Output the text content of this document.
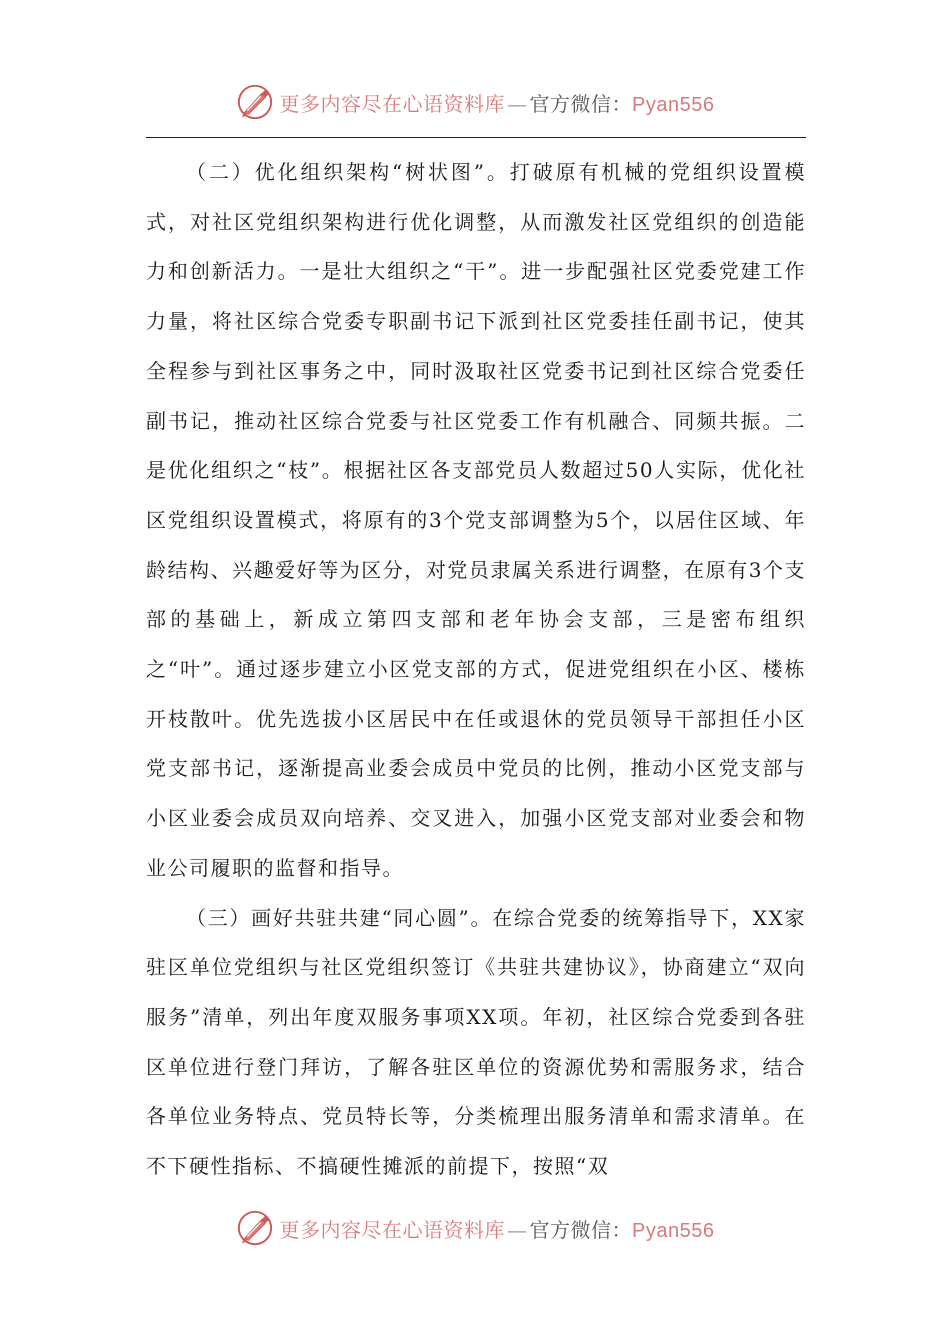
更多内容尽在心语资料库 — 官方微信： Pyan556

（二）优化组织架构“树状图”。打破原有机械的党组织设置模式，对社区党组织架构进行优化调整，从而激发社区党组织的创造能力和创新活力。一是壮大组织之“干”。进一步配强社区党委党建工作力量，将社区综合党委专职副书记下派到社区党委挂任副书记，使其全程参与到社区事务之中，同时汲取社区党委书记到社区综合党委任副书记，推动社区综合党委与社区党委工作有机融合、同频共振。二是优化组织之“枝”。根据社区各支部党员人数超过50人实际，优化社区党组织设置模式，将原有的3个党支部调整为5个，以居住区域、年龄结构、兴趣爱好等为区分，对党员隶属关系进行调整，在原有3个支部的基础上，新成立第四支部和老年协会支部，三是密布组织之“叶”。通过逐步建立小区党支部的方式，促进党组织在小区、楼栋开枝散叶。优先选拔小区居民中在任或退休的党员领导干部担任小区党支部书记，逐渐提高业委会成员中党员的比例，推动小区党支部与小区业委会成员双向培养、交叉进入，加强小区党支部对业委会和物业公司履职的监督和指导。

（三）画好共驻共建“同心圆”。在综合党委的统筹指导下，XX家驻区单位党组织与社区党组织签订《共驻共建协议》，协商建立“双向服务”清单，列出年度双服务事项XX项。年初，社区综合党委到各驻区单位进行登门拜访，了解各驻区单位的资源优势和需服务求，结合各单位业务特点、党员特长等，分类梳理出服务清单和需求清单。在不下硬性指标、不搞硬性摊派的前提下，按照“双

更多内容尽在心语资料库 — 官方微信： Pyan556
